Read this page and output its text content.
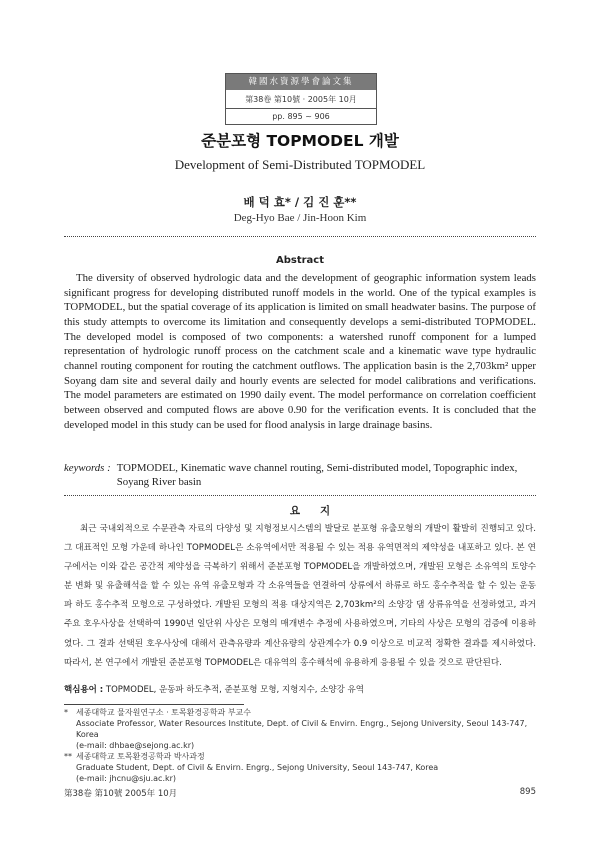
韓國水資源學會論文集
第38卷 第10號 · 2005年 10月
pp. 895 ~ 906
준분포형 TOPMODEL 개발
Development of Semi-Distributed TOPMODEL
배 덕 효* / 김 진 훈**
Deg-Hyo Bae / Jin-Hoon Kim
Abstract
The diversity of observed hydrologic data and the development of geographic information system leads significant progress for developing distributed runoff models in the world. One of the typical examples is TOPMODEL, but the spatial coverage of its application is limited on small headwater basins. The purpose of this study attempts to overcome its limitation and consequently develops a semi-distributed TOPMODEL. The developed model is composed of two components: a watershed runoff component for a lumped representation of hydrologic runoff process on the catchment scale and a kinematic wave type hydraulic channel routing component for routing the catchment outflows. The application basin is the 2,703km² upper Soyang dam site and several daily and hourly events are selected for model calibrations and verifications. The model parameters are estimated on 1990 daily event. The model performance on correlation coefficient between observed and computed flows are above 0.90 for the verification events. It is concluded that the developed model in this study can be used for flood analysis in large drainage basins.
keywords : TOPMODEL, Kinematic wave channel routing, Semi-distributed model, Topographic index, Soyang River basin
요지
최근 국내외적으로 수문관측 자료의 다양성 및 지형정보시스템의 발달로 분포형 유출모형의 개발이 활발히 진행되고 있다. 그 대표적인 모형 가운데 하나인 TOPMODEL은 소유역에서만 적용될 수 있는 적용 유역면적의 제약성을 내포하고 있다. 본 연구에서는 이와 같은 공간적 제약성을 극복하기 위해서 준분포형 TOPMODEL을 개발하였으며, 개발된 모형은 소유역의 토양수분 변화 및 유출해석을 할 수 있는 유역 유출모형과 각 소유역들을 연결하여 상류에서 하류로 하도 홍수추적을 할 수 있는 운동파 하도 홍수추적 모형으로 구성하였다. 개발된 모형의 적용 대상지역은 2,703km²의 소양강 댐 상류유역을 선정하였고, 과거 주요 호우사상을 선택하여 1990년 일단위 사상은 모형의 매개변수 추정에 사용하였으며, 기타의 사상은 모형의 검증에 이용하였다. 그 결과 선택된 호우사상에 대해서 관측유량과 계산유량의 상관계수가 0.9 이상으로 비교적 정확한 결과를 제시하였다. 따라서, 본 연구에서 개발된 준분포형 TOPMODEL은 대유역의 홍수해석에 유용하게 응용될 수 있을 것으로 판단된다.
핵심용어 : TOPMODEL, 운동파 하도추적, 준분포형 모형, 지형지수, 소양강 유역
*	세종대학교 물자원연구소 · 토목환경공학과 부교수
Associate Professor, Water Resources Institute, Dept. of Civil & Envirn. Engrg., Sejong University, Seoul 143-747, Korea
(e-mail: dhbae@sejong.ac.kr)
** 세종대학교 토목환경공학과 박사과정
Graduate Student, Dept. of Civil & Envirn. Engrg., Sejong University, Seoul 143-747, Korea
(e-mail: jhcnu@sju.ac.kr)
第38卷 第10號 2005年 10月	895
